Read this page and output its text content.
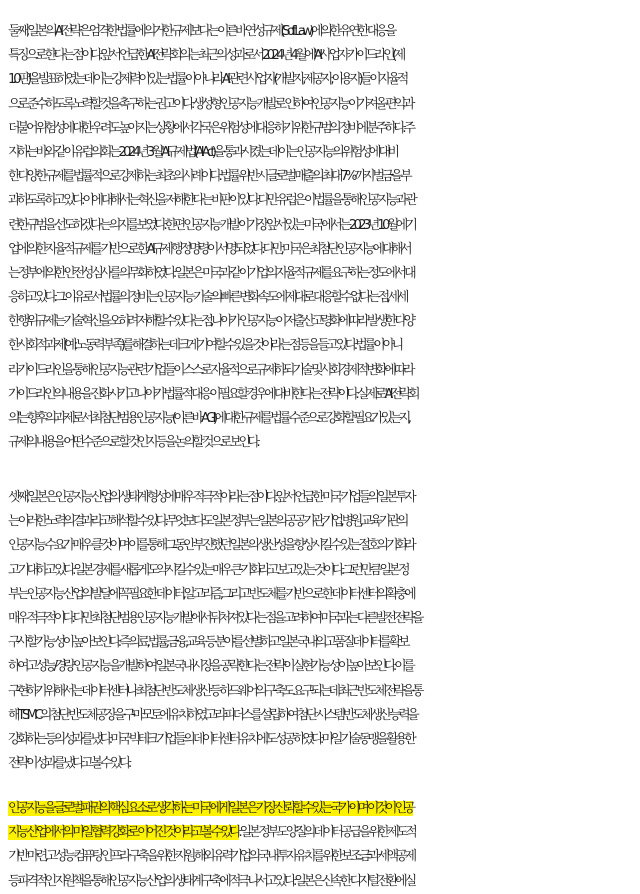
둘째, 일본의 AI 전략은 엄격한 법률에 의거한 규제보다는 이른바 연성규제(Soft Law)에 의한 유연한 대응을
특징으로 한다는 점이다. 앞서 언급한 AI전략회의는 최근의 성과로서 2024년 4월에 'AI사업자 가이드라인(제
1.0판)'을 발표하였는데 이는 강제력이 있는 법률이 아니라 AI 관련 사업자(개발자, 제공자, 이용자)들이 자율적
으로 준수하도록 노력할 것을 촉구하는 권고이다. 생성형 인공지능 개발로 인하여 인공지능이 가져올 편익과
더불어 위험성에 대한 우려도 높아지는 상황에서 각국은 위험성에 대응하기 위한 규범의 정비에 분주하다. 주
지하는 바와 같이 유럽의회는 2024년 3월 'AI규제법'(AI Act)을 통과시켰는데 이는 인공지능의 위험성에 대비
한 다양한 규제를 법률적으로 강제하는 최초의 사례이다. 법률 위반 시 글로벌 매출의 최대 7%까지 벌금을 부
과하도록 하고 있다. 이에 대해서는 혁신을 저해한다는 비판이 있다. 다만 유럽은 이 법률을 통해 인공지능과 관
련한 규범을 선도하겠다는 의지를 보였다. 한편 인공지능 개발이 가장 앞서 있는 미국에서는 2023년 10월에 기
업에 의한 자율적 규제를 기반으로 한 AI규제 행정명령이 서명되었다. 다만, 미국은 최첨단인공지능에 대해서
는 정부에 의한 안전성 심사를 의무화하였다. 일본은 미국과 같이 기업의 자율적 규제를 요구하는 정도에서 대
응하고 있다. 그 이유로서 법률의 정비는 인공지능 기술의 빠른 변화 속도에 제대로 대응할 수 없다는 점, 세세
한 행위규제는 기술혁신을 오히려 저해할 수 있다는 점, 나아가 인공지능이 저출산고령화에 따라 발생한 다양
한 사회적 과제(예: 노동력 부족)를 해결하는 데 크게 기여할 수 있을 것이라는 점 등을 들고 있다. 법률이 아니
라 가이드라인을 통해 인공지능 관련 기업들이 스스로 자율적으로 규제하되 기술 및 사회경제적 변화에 따라
가이드라인의 내용을 진화시키고 나아가 법률적 대응이 필요할 경우에 대비한다는 전략이다. 실제로 'AI전략회
의'는 향후의 과제로서 최첨단범용인공지능(이른바 AGI)에 대한 규제를 법률 수준으로 강화할 필요가 있는지,
규제의 내용을 어떤 수준으로 할 것인지 등을 논의할 것으로 보인다.
셋째, 일본은 인공지능 산업의 생태계 형성에 매우 적극적이라는 점이다. 앞서 언급한 미국 기업들의 일본투자
는 이러한 노력의 결과라고 해석할 수 있다. 무엇보다도 일본 정부는 일본의 공공기관, 기업, 병원, 교육기관의
인공지능 수요가 매우 클 것이며 이를 통해 그동안 부진했던 일본의 생산성을 향상시킬 수 있는 절호의 기회라
고 기대하고 있다. 일본 경제를 새롭게 도약시킬 수 있는 매우 큰 기회라고 보고 있는 것이다. 그런 만큼 일본 정
부는 인공지능 산업의 발달에 꼭 필요한 데이터, 알고리즘, 그리고 반도체를 기반으로 한 데이터센터의 확충에
매우 적극적이다. 다만 최첨단범용인공지능 개발에서 뒤처져 있다는 점을 고려하여 미국과는 다른 발전 전략을
구사할 가능성이 높아 보인다. 즉 의료, 법률, 금융, 교육 등 분야를 선별하고 일본 국내의 고품질 데이터를 확보
하여 고성능/경량 인공지능을 개발하여 일본 국내시장을 공략한다는 전략이 실현가능성이 높아 보인다. 이를
구현하기 위해서는 데이터센터나 최첨단 반도체 생산 등 하드웨어의 구축도 요구되는데 최근 반도체 전략을 통
해 TSMC의 첨단 반도체 공장을 구마모토에 유치하였고 라피더스를 설립하여 첨단 시스템 반도체 생산 능력을
강화하는 등의 성과를 냈다. 미국 빅테크 기업들의 데이터센터 유치에도 성공하였다. 미·일 기술동맹을 활용한
전략이 성과를 냈다고 볼 수 있다.
인공지능을 글로벌 패권의 핵심 요소로 생각하는 미국에게 일본은 가장 신뢰할 수 있는 국가이며 이것이 인공
지능 산업에서의 미·일협력 강화로 이어진 것이라고 볼 수 있다. 일본 정부도 양질의 데이터 공급을 위한 제도적
기반 마련, 고성능 컴퓨팅 인프라 구축을 위한 지원, 해외 유력기업의 국내 투자유치를 위한 보조금과 세액공제
등 파격적인 지원책을 통해 인공지능 산업의 생태계 구축에 적극 나서고 있다. 일본은 신속한 디지털 전환에 실
